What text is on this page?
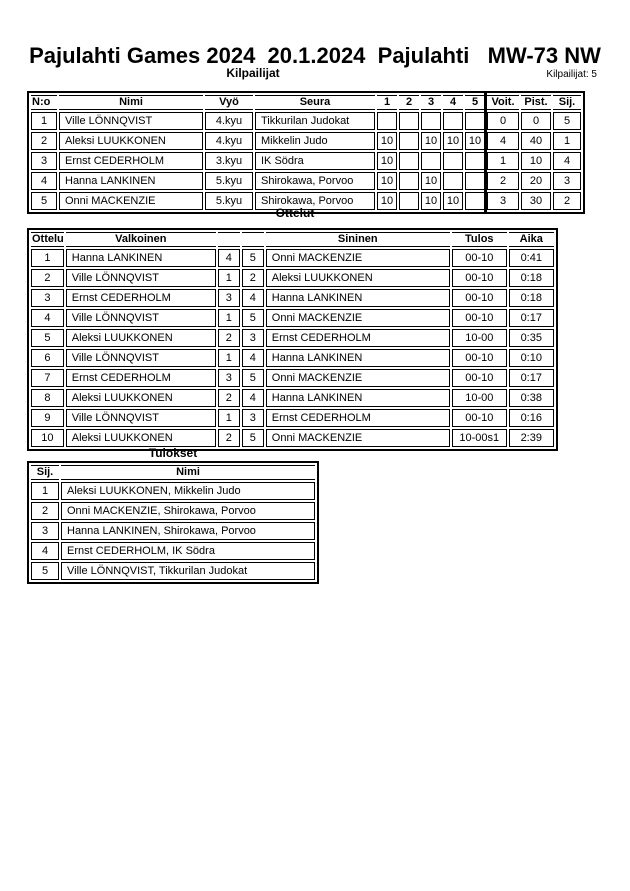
Pajulahti Games 2024  20.1.2024  Pajulahti   MW-73 NW
Kilpailijat	Kilpailijat: 5
N:o	Nimi	Vyö	Seura	1	2	3	4	5	Voit.	Pist.	Sij.
1	Ville LÖNNQVIST	4.kyu	Tikkurilan Judokat						0	0	5
2	Aleksi LUUKKONEN	4.kyu	Mikkelin Judo	10		10	10	10	4	40	1
3	Ernst CEDERHOLM	3.kyu	IK Södra	10					1	10	4
4	Hanna LANKINEN	5.kyu	Shirokawa, Porvoo	10		10			2	20	3
5	Onni MACKENZIE	5.kyu	Shirokawa, Porvoo	10		10	10		3	30	2
Ottelut
Ottelu	Valkoinen			Sininen	Tulos	Aika
1	Hanna LANKINEN	4	5	Onni MACKENZIE	00-10	0:41
2	Ville LÖNNQVIST	1	2	Aleksi LUUKKONEN	00-10	0:18
3	Ernst CEDERHOLM	3	4	Hanna LANKINEN	00-10	0:18
4	Ville LÖNNQVIST	1	5	Onni MACKENZIE	00-10	0:17
5	Aleksi LUUKKONEN	2	3	Ernst CEDERHOLM	10-00	0:35
6	Ville LÖNNQVIST	1	4	Hanna LANKINEN	00-10	0:10
7	Ernst CEDERHOLM	3	5	Onni MACKENZIE	00-10	0:17
8	Aleksi LUUKKONEN	2	4	Hanna LANKINEN	10-00	0:38
9	Ville LÖNNQVIST	1	3	Ernst CEDERHOLM	00-10	0:16
10	Aleksi LUUKKONEN	2	5	Onni MACKENZIE	10-00s1	2:39
Tulokset
Sij.	Nimi
1	Aleksi LUUKKONEN, Mikkelin Judo
2	Onni MACKENZIE, Shirokawa, Porvoo
3	Hanna LANKINEN, Shirokawa, Porvoo
4	Ernst CEDERHOLM, IK Södra
5	Ville LÖNNQVIST, Tikkurilan Judokat
